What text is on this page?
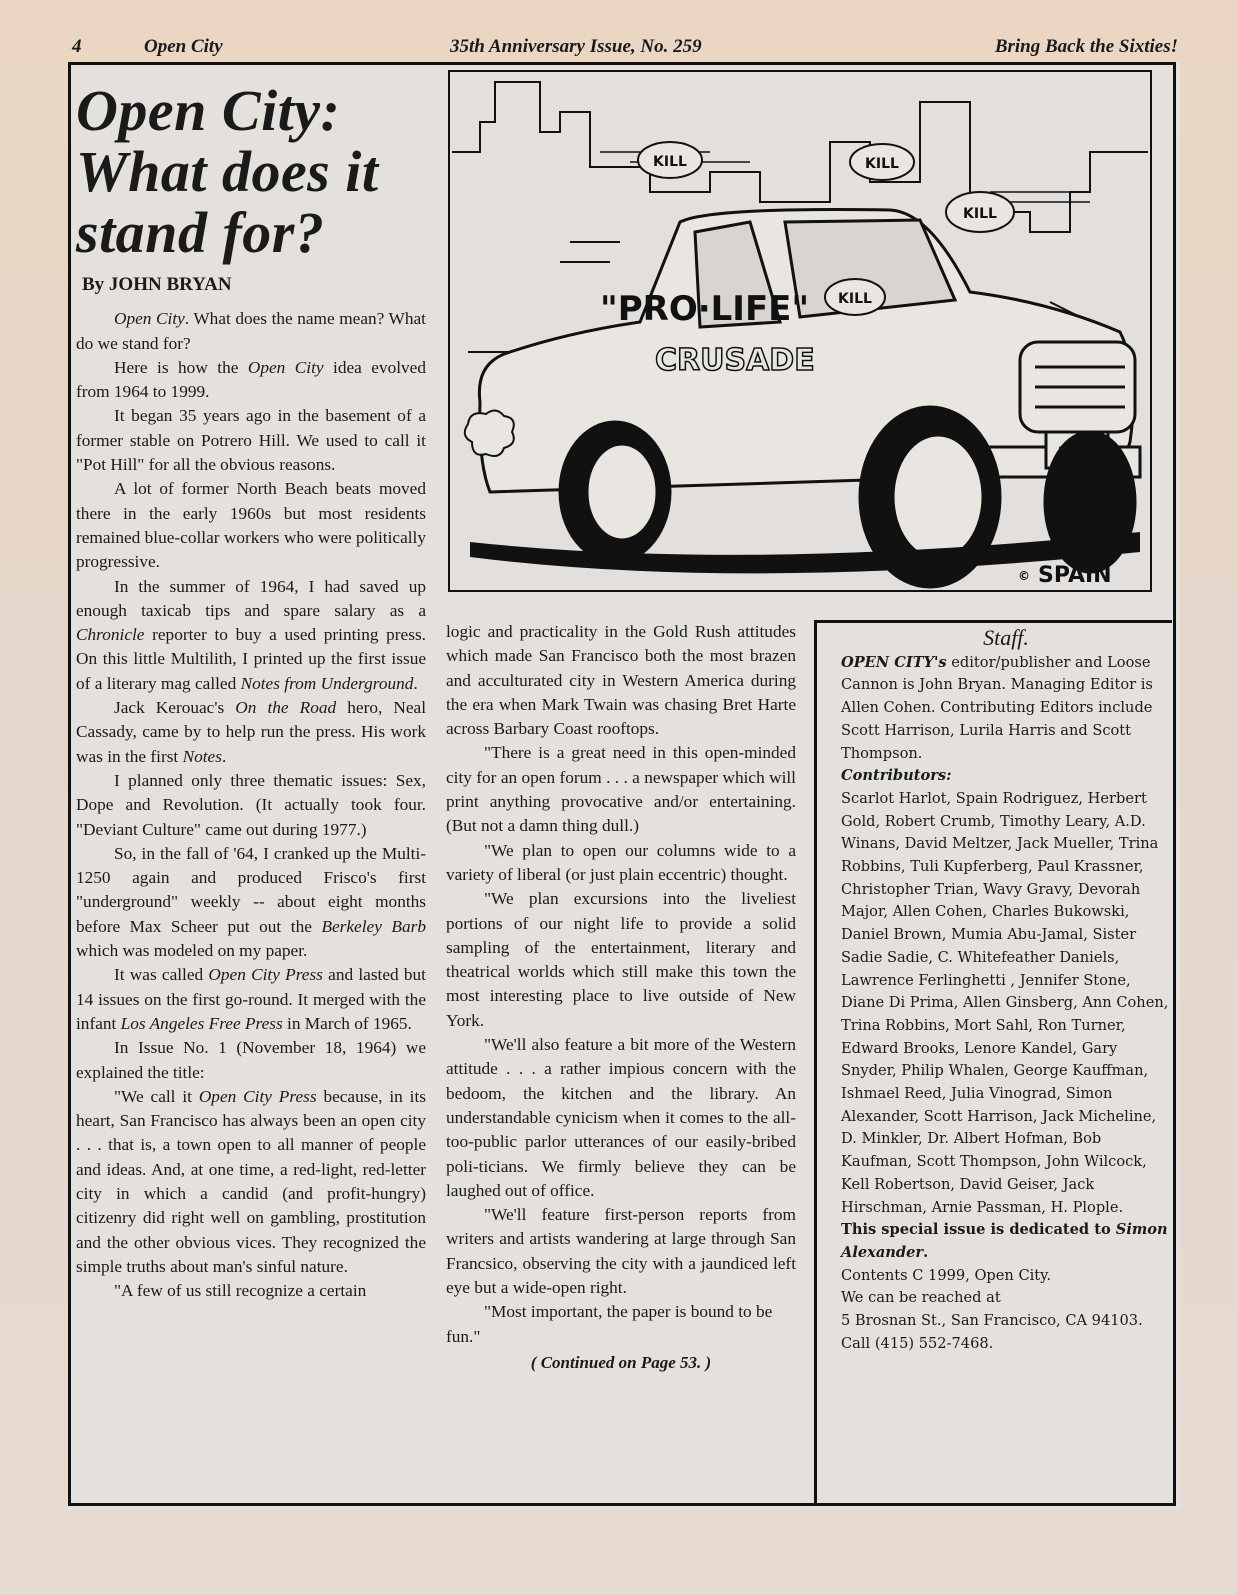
4	Open City	35th Anniversary Issue, No. 259	Bring Back the Sixties!
Open City:
What does it
stand for?
By JOHN BRYAN

Open City. What does the name mean? What do we stand for?

Here is how the Open City idea evolved from 1964 to 1999.

It began 35 years ago in the basement of a former stable on Potrero Hill. We used to call it "Pot Hill" for all the obvious reasons.

A lot of former North Beach beats moved there in the early 1960s but most residents remained blue-collar workers who were politically progressive.

In the summer of 1964, I had saved up enough taxicab tips and spare salary as a Chronicle reporter to buy a used printing press. On this little Multilith, I printed up the first issue of a literary mag called Notes from Underground.

Jack Kerouac's On the Road hero, Neal Cassady, came by to help run the press. His work was in the first Notes.

I planned only three thematic issues: Sex, Dope and Revolution. (It actually took four. "Deviant Culture" came out during 1977.)

So, in the fall of '64, I cranked up the Multi-1250 again and produced Frisco's first "underground" weekly -- about eight months before Max Scheer put out the Berkeley Barb which was modeled on my paper.

It was called Open City Press and lasted but 14 issues on the first go-round. It merged with the infant Los Angeles Free Press in March of 1965.

In Issue No. 1 (November 18, 1964) we explained the title:

"We call it Open City Press because, in its heart, San Francisco has always been an open city . . . that is, a town open to all manner of people and ideas. And, at one time, a red-light, red-letter city in which a candid (and profit-hungry) citizenry did right well on gambling, prostitution and the other obvious vices. They recognized the simple truths about man's sinful nature.

"A few of us still recognize a certain

"PRO·LIFE"
CRUSADE
KILL	KILL
KILL
KILL
KILL
© SPAIN

logic and practicality in the Gold Rush attitudes which made San Francisco both the most brazen and acculturated city in Western America during the era when Mark Twain was chasing Bret Harte across Barbary Coast rooftops.

"There is a great need in this open-minded city for an open forum . . . a newspaper which will print anything provocative and/or entertaining. (But not a damn thing dull.)

"We plan to open our columns wide to a variety of liberal (or just plain eccentric) thought.

"We plan excursions into the liveliest portions of our night life to provide a solid sampling of the entertainment, literary and theatrical worlds which still make this town the most interesting place to live outside of New York.

"We'll also feature a bit more of the Western attitude . . . a rather impious concern with the bedoom, the kitchen and the library. An understandable cynicism when it comes to the all-too-public parlor utterances of our easily-bribed poli-ticians. We firmly believe they can be laughed out of office.

"We'll feature first-person reports from writers and artists wandering at large through San Francsico, observing the city with a jaundiced left eye but a wide-open right.

"Most important, the paper is bound to be fun."

( Continued on Page 53. )
Staff.

OPEN CITY's editor/publisher and Loose Cannon is John Bryan. Managing Editor is Allen Cohen. Contributing Editors include Scott Harrison, Lurila Harris and Scott Thompson.

Contributors:

Scarlot Harlot, Spain Rodriguez, Herbert Gold, Robert Crumb, Timothy Leary, A.D. Winans, David Meltzer, Jack Mueller, Trina Robbins, Tuli Kupferberg, Paul Krassner, Christopher Trian, Wavy Gravy, Devorah Major, Allen Cohen, Charles Bukowski, Daniel Brown, Mumia Abu-Jamal, Sister Sadie Sadie, C. Whitefeather Daniels, Lawrence Ferlinghetti , Jennifer Stone, Diane Di Prima, Allen Ginsberg, Ann Cohen, Trina Robbins, Mort Sahl, Ron Turner, Edward Brooks, Lenore Kandel, Gary Snyder, Philip Whalen, George Kauffman, Ishmael Reed, Julia Vinograd, Simon Alexander, Scott Harrison, Jack Micheline, D. Minkler, Dr. Albert Hofman, Bob Kaufman, Scott Thompson, John Wilcock, Kell Robertson, David Geiser, Jack Hirschman, Arnie Passman, H. Plople.

This special issue is dedicated to Simon Alexander.

Contents C 1999, Open City.

We can be reached at

5 Brosnan St., San Francisco, CA 94103. Call (415) 552-7468.
